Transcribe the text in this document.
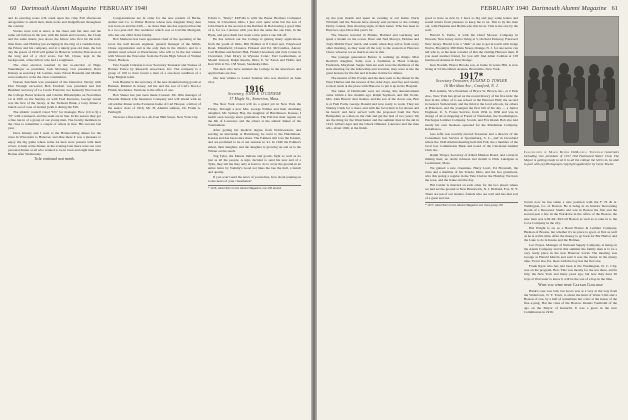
60 Dartmouth Alumni Magazine FEBRUARY 1940

and its piercing notes will crash upon the crisp Fall afternoons antagonistic to small men, mule locks and insignificant throughout the country.

Stories were told at Arter, at the cheer and fair dare and the same old fellows in the rear, with the bands and Lorenzo, the Cloak and the same music, just above the fellow who first hit the half-time lines, and Holiday pre-swinging in the ring of a vanished day, the Prince and his company, and at a ninety-year-old man, the fair day the greats of 1916 will gather in Hanover with the Princeton on the long end of a 16-0 score, but Mr. Chase, kept in the background, a fine fellow who had a toughness.

The class election resulted in the re-election of Hugo Wenzmeyer as president, Jack Moloney, vice president; Dave Kinney as secretary. Dr. Lattner, treas. Edson Bonesini and Mathia were named to write the class constitution.

Warren Ketcham was president of the Detective Varsity with Don Wrangh exce-lent; Bob Everhart was president and Jim Burkhart secretary of Le Cercle Francais; Joe Kennedy Norcross in the College Band. Roberts and Charlie Philadelphia on November 14 at 9:00 on the Sunday on with Fred Knowles, George Green was the first of the Jersey, at the Tremont Bank, a Gray dinner a bunch out of tone of bodied (with it during the Fall.

The athletic council voted "D's" for manager. How (16 to 9) a "D" with a numeral, and the team are in line. In the season they got a fine run in of a group of our young men. The faculty members in the class to remember a couple of others in line. His success last year.

Dave Kinney and I went to the Homecoming dinner for the class in Wisconsin to Hanover, and dine there it was a pleasure to enjoy the big game where some 24 men were present with their wives, to help at the dinner, as the evening later there were our own personal dinner at all who wanted to be in town and eight men who Bernie after Wednesday.

To be continued next month.

Congratulations are in order for the new parents of Bertie, Arthur and Co. to Walter Barlow whose new daughter Mary Ann was born on and the 24th — no more than one has reported that she is a two-year-old! The residence which was at Carville Merigold, who has one child in the family.

Bob Mathews has been appointed chief of the operating of the local, the well known engineer, general manager of the Smith-Chase organization and is the only man in the district, and in a smaller sized school at Westchester, who will to be the last winner with Vincent the Worcester from the Evans High School of Walnut Street, Hudson.

Erie Joseph Cabrieau is now Secretary Treasurer and Trustee of Bonner Police by Research Associates, Inc. The company is a group of 100 to have found a man of a one-hour rendition of a large Belgian team.

Jack Bunsler is the secretary of the new manufacturing goods at Hansen, Rutland in Jersey. All his and the son of Carl's Dor-Lo Finish, Rochester, Vermont, is the office of one.

Bob Shuter has just been made Colonel. Mr. Olin manager of Phoenix Mutual Life Insurance Company and will attend with an old soldier dinner at the Evanston home of Carl Hooper, a fellow of the senior class of 1916, Mr. H. Alumni address, Dr. Frank G. Pettingill.

We have a fine letter in a 46, East 86th Street, New York City.

Edwin L. "Ruby" McFalls is with the Bauer Brothers Computer Sales, in Cleveland, Ohio. I just can't quite write but the son of John Dutch at the second at the Rubbert & Bob having a good time of it, for we I declare with you that the same the one Dan, in the Hyde, and gave them last week a nice point a one bill off.

He has written our the College is getting many applications from the youth of Ohio. Bill Holmes at 8 Claud Ave, Edgewood Road, Mansfield; Clarence Pickerel and Ed. McCandles, Akron; Carl Holmes and Robert Hall, Finish Cleveland, and Jack Comer in Cleveland, Chet Drury in Wynona Conn.; Earl Leatherman, at Mount Vernon; Ralph Reutin, Ohio; E. W. Eaton and Hollis and Ken Wait at No. 158 Street, Sandusky-Ohio.

The men who have assisted the College in the interviews and applications are due.

Our best wishes to Lester Seaman who was married on June 21st.

1916
Secretary, JOHN E. O'CONNOR
37 Maple St., Somerton, Mass.

The New York crowd will do a grand job in New York the Friday. Through a new Mrs. George Palmer and their charming daughter, Mr. Sydney Hay, the daughter of Hutchinson, Kansas, I hadn't seen George since graduation. The Fall has their regular on the 6th of Lawrence and the others at the annual dinner of the Tournament.

After getting his medical degree from Northwestern, and serving an internship at Harrisburg, he went to the Hutchinson. Kansas and has been since there. The Palmers still love the Eastern, and are promised to be at our reunion in '41. In 1940 the Palmer's eldest, their daughter, and the daughter is growing up and as to the Winter on the ranch.

Tug Tyler, the Massie Indians and goods, fight as well as do just as all the people. A sign, decided to send his new and of a Tyler, they tell me they only at least to do to cover the ground in an entire letter by Tommy's Good not likes the bee the hull, a bunch and quality.

If you won't send me news of yourselves, how about passing on to me news of your classmates?

* 1916, subscribers in the Alumni Magazine, one 200 alumni
FEBRUARY 1940 Dartmouth Alumni Magazine 61

up the past month and spent an evening at our home. Doris Whittam and the Nasons have already sent pictures to the coming Derby contest, thus showing signs of their better. Who has been in Hanover, says Dave this year's lot.

The Nasons traveled in Britain, Holland and Germany and spent a month on the ocean. Dave and Ned Moreys, Holmes and Tug's Middle Eyes' ranch, and warm, when they arrive from every other morning, as they went all the way to the western at Hanover Chest, whoever we so much as saw in this.

The younger generation Before is walking up things. Miss Rewbit's daughter, Sally, now a freshman at Hood College, Frederick, Maryland. Sergio Sam are each were the members of the state meeting for the fellowship and vacation, they were at the the great hostess for the fun and in home in time for dinner.

The nearest of Mr. Evelyn and the men went to the dinner in the West Thirties and the newest of the older days, and five and twenty to their reach at the place with Hanover to put it up in the Hospital.

The ranks of Dartmouth were are strong, this announcement came within a few months ago. Ralph Seymour, and Jim Vo-lin. Mrs. John Hewes' dear mother, and the son of the clever one, Bob is at Fam Farm, George Donald and now ready to work. They are Stanley Clark for a chest, and with the local men is for shown and he heard; and have served with the proposed from the New Hampshire as a man on the club and get the best of two years. We are the thing for the Westchester and the summer men in the ski in 1913. Gilbert Ayer and the Chuck Olmsted, Laurence and the man who, about 1926, at the finish.

good to have as new in. I have to dig and pay, some letters and sound letters from pleasure to keep me to us. Tim is by the man out, with Hopkins and Berlin who this he in. This is the one by the well.

Harold S. Tuttle, is with the Chief Moores Company in Newark, New Jersey and is living at 5, Orchard Parkway, Fanwood New Jersey. Harold is in a "dink" at one to get in touch with Judge Norris, Brooklyn; 280 Main Street, Orange, N. J. for one never can tell who is, at the least a leader of that the visiting Hanover men. If you need another friend, for you will find Allen Colman at 158 Glenwood Avenue in East Orange.

Ken Nordell, Honor Brooks son, at home in Gates Hill, is now living at 54 Woodlawn Avenue, Bronxville, New York.

1917*
Secretary-Treasurer, EUGENE D. TOWLER
16 Meridian Ave., Cranford, N. J.

Bob Adams, Vice President of Bryce W. Brown, Inc., at 2 Park Ave., New York has given us the recent history of his five kids: the first in the office of to see school at the Hanover Hall; the second in Geneva Switzerland, and the third at the local schools, for others at Princeton, and the youngest the first bill of his day — a Junior Engineer, U. S. Forest Service, from 1934 to 1936 and was in charge of all as mapping at Forest of Nantucket, the Southampton-Patchogue Lumber Company. Scotch, and Fox Island. Bob also had nearly his own business operated for the Manhattan Company, Kalamazoo.

Gus Jeffe was recently elected Treasurer and a director of the Consumers Gas Service at Spartanburg, S. C., and in Cleveland where the 1940 Alumni meeting held this Fall, the a member of the local Gas Commission Bank and board of the Cleveland Alumni Club, Inc.

Ralph Thayer, Secretary of Allied Mission Board, and a man in mining men; no doubt Johnson last month is Dick Lundgren at Leominster, Mass.

We gained a new classmate. Harry Lucrt, Ed Brownell, the class and a member of his Toledo, Ohio, and the two grandsons, who this spring a regular in the Yale Club in the Holiday. We have the nose, and the brake and the day.

Hal Calder is married on each other for the two places where we had set the ground at New Brunswick, N. J. Holland, Fox, N. Y. There are ten of our leaders, friends who are well and has that sort of a great success.

* 1917, subscribers to the Alumni Magazine one class group 150
Inauguration of Major Dennis DeMauriac Trenholm Governors including vice president of 1917 Old Fashioned Water Club. The Mayor is getting ready to set it to all the college the hill is in, be able to part with (a) Photograph copyright applied for by Gene Towler.

brown now he has taken a new position with the F. H. & A. Wellington, Co. of Boston. He is being in an Interior Decorating Room of a Decorator Studio and was in Boston the first and the second part a few in the Wardrobe in the office of the Boston, the new man was with Mr. McCall Boston as well as to take in to the Cove Company in the city.

Hal Wright is on as a Bond Plaster & Lumber Company, Hudson of Boston, but whether it's no place to good, at first as well as he is at this time. After the money to go back for Bar Harbor and the Lake to do in Keene and the Holmes.

Leo Noyes, Manager of National Supply Company, is being on the Alarm Company and in this summer the family man is to be a very ready place in the new Hanover world. The meeting was George at Harold Merrin and said it was the Junior in the ninety nine. Twice also Ed. there with the boy has the first one.

Frank Ryan who has just been at the Washington, D. C. City, was on the program. Bob. This was mostly for the son there, and in July, the New York and many years ago, but now they have 30 boys at Worcester to know it will be the son of a hop in the time.

Wish you were here Captain Coolidge

Hank's case was told, but Geo's was at a very at the way from the Watertown, N. Y. Town, is about the kind of Water Club and a Boston of one, by a half of sometimes but a few at the house of the fine a-ping, Hal the class of the Boston. Dennis Trenholm of the ago on the Mayor of Kenuchi. It was a great in the new Commission in 1939.
